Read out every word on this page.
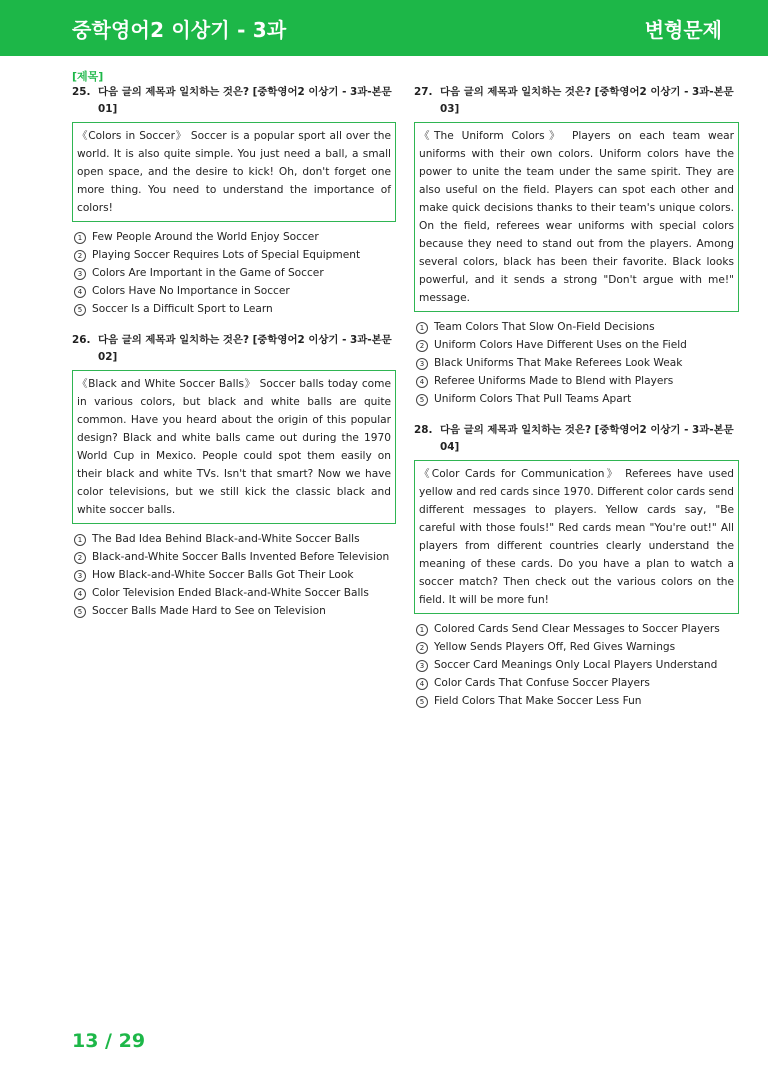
중학영어2 이상기 - 3과	변형문제
[제목]
25. 다음 글의 제목과 일치하는 것은? [중학영어2 이상기 - 3과-본문 01]
《Colors in Soccer》 Soccer is a popular sport all over the world. It is also quite simple. You just need a ball, a small open space, and the desire to kick! Oh, don't forget one more thing. You need to understand the importance of colors!
1 Few People Around the World Enjoy Soccer
2 Playing Soccer Requires Lots of Special Equipment
3 Colors Are Important in the Game of Soccer
4 Colors Have No Importance in Soccer
5 Soccer Is a Difficult Sport to Learn
26. 다음 글의 제목과 일치하는 것은? [중학영어2 이상기 - 3과-본문 02]
《Black and White Soccer Balls》 Soccer balls today come in various colors, but black and white balls are quite common. Have you heard about the origin of this popular design? Black and white balls came out during the 1970 World Cup in Mexico. People could spot them easily on their black and white TVs. Isn't that smart? Now we have color televisions, but we still kick the classic black and white soccer balls.
1 The Bad Idea Behind Black-and-White Soccer Balls
2 Black-and-White Soccer Balls Invented Before Television
3 How Black-and-White Soccer Balls Got Their Look
4 Color Television Ended Black-and-White Soccer Balls
5 Soccer Balls Made Hard to See on Television
27. 다음 글의 제목과 일치하는 것은? [중학영어2 이상기 - 3과-본문 03]
《The Uniform Colors》 Players on each team wear uniforms with their own colors. Uniform colors have the power to unite the team under the same spirit. They are also useful on the field. Players can spot each other and make quick decisions thanks to their team's unique colors. On the field, referees wear uniforms with special colors because they need to stand out from the players. Among several colors, black has been their favorite. Black looks powerful, and it sends a strong "Don't argue with me!" message.
1 Team Colors That Slow On-Field Decisions
2 Uniform Colors Have Different Uses on the Field
3 Black Uniforms That Make Referees Look Weak
4 Referee Uniforms Made to Blend with Players
5 Uniform Colors That Pull Teams Apart
28. 다음 글의 제목과 일치하는 것은? [중학영어2 이상기 - 3과-본문 04]
《Color Cards for Communication》 Referees have used yellow and red cards since 1970. Different color cards send different messages to players. Yellow cards say, "Be careful with those fouls!" Red cards mean "You're out!" All players from different countries clearly understand the meaning of these cards. Do you have a plan to watch a soccer match? Then check out the various colors on the field. It will be more fun!
1 Colored Cards Send Clear Messages to Soccer Players
2 Yellow Sends Players Off, Red Gives Warnings
3 Soccer Card Meanings Only Local Players Understand
4 Color Cards That Confuse Soccer Players
5 Field Colors That Make Soccer Less Fun
13 / 29
